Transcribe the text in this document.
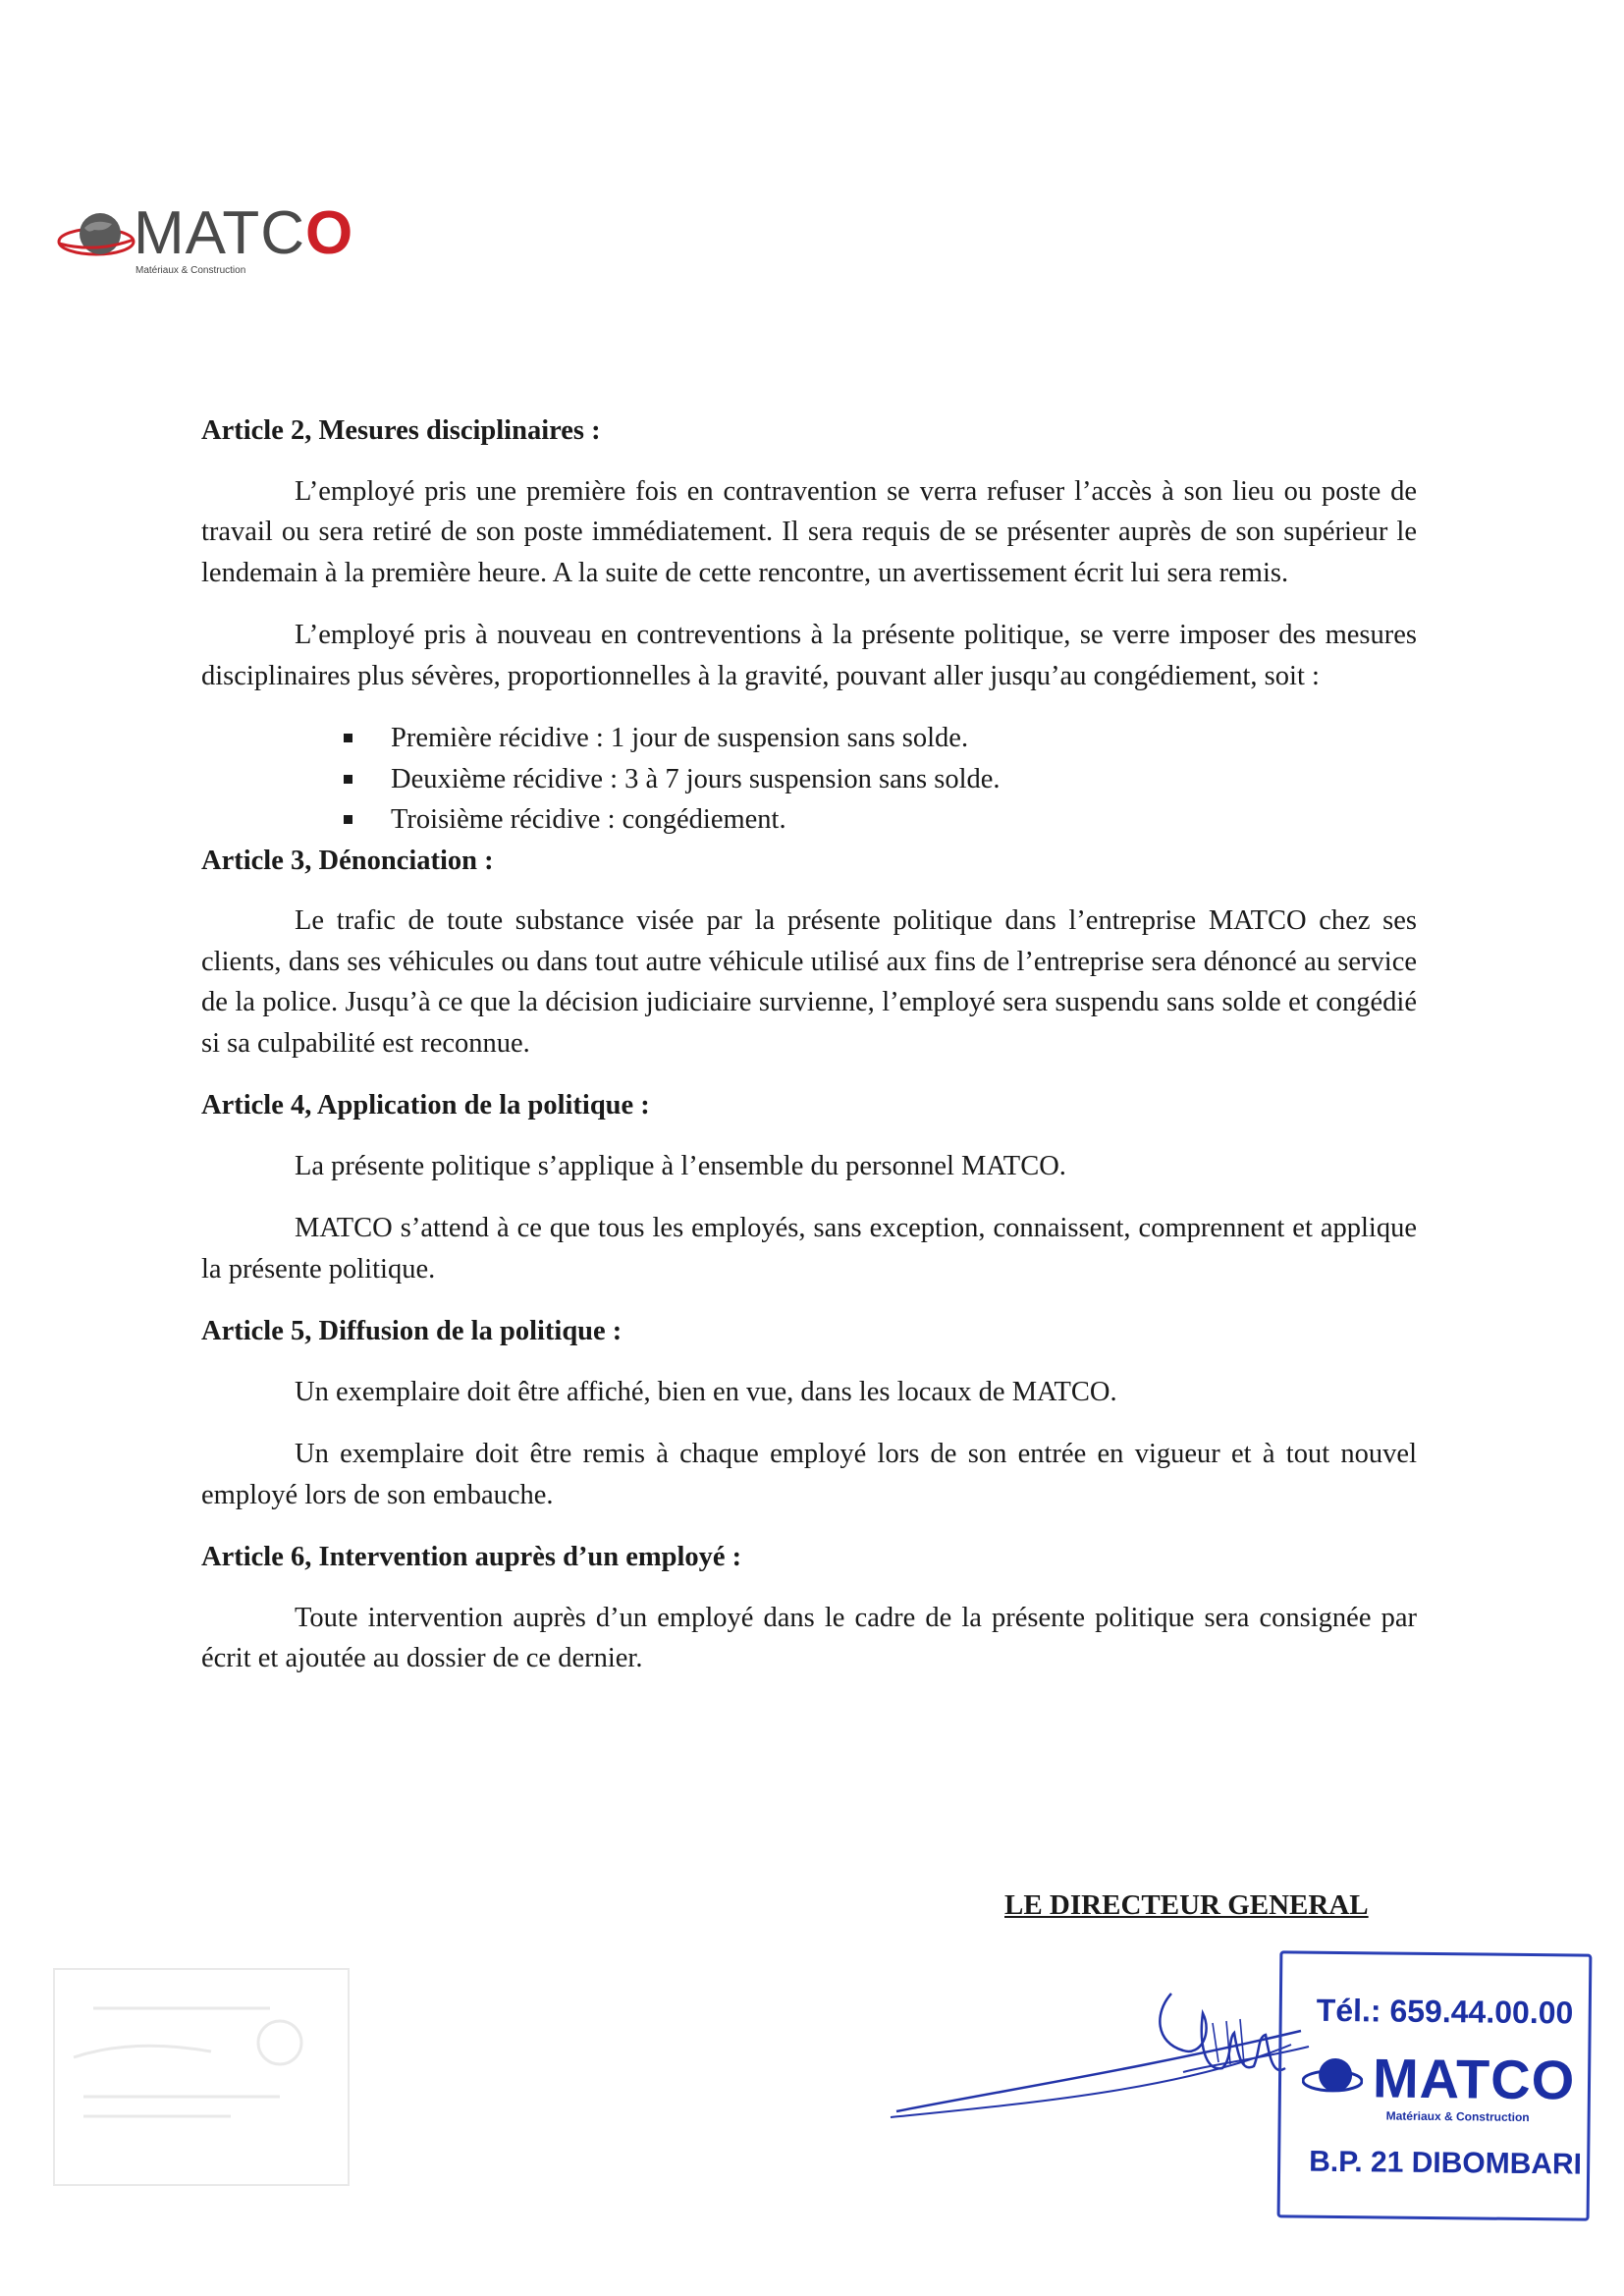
MATCO
Matériaux & Construction

Article 2, Mesures disciplinaires :

L’employé pris une première fois en contravention se verra refuser l’accès à son lieu ou poste de travail ou sera retiré de son poste immédiatement. Il sera requis de se présenter auprès de son supérieur le lendemain à la première heure. A la suite de cette rencontre, un avertissement écrit lui sera remis.

L’employé pris à nouveau en contreventions à la présente politique, se verre imposer des mesures disciplinaires plus sévères, proportionnelles à la gravité, pouvant aller jusqu’au congédiement, soit :

Première récidive : 1 jour de suspension sans solde.
Deuxième récidive : 3 à 7 jours suspension sans solde.
Troisième récidive : congédiement.

Article 3, Dénonciation :

Le trafic de toute substance visée par la présente politique dans l’entreprise MATCO chez ses clients, dans ses véhicules ou dans tout autre véhicule utilisé aux fins de l’entreprise sera dénoncé au service de la police. Jusqu’à ce que la décision judiciaire survienne, l’employé sera suspendu sans solde et congédié si sa culpabilité est reconnue.

Article 4, Application de la politique :

La présente politique s’applique à l’ensemble du personnel MATCO.

MATCO s’attend à ce que tous les employés, sans exception, connaissent, comprennent et applique la présente politique.

Article 5, Diffusion de la politique :

Un exemplaire doit être affiché, bien en vue, dans les locaux de MATCO.

Un exemplaire doit être remis à chaque employé lors de son entrée en vigueur et à tout nouvel employé lors de son embauche.

Article 6, Intervention auprès d’un employé :

Toute intervention auprès d’un employé dans le cadre de la présente politique sera consignée par écrit et ajoutée au dossier de ce dernier.

LE DIRECTEUR GENERAL
Tél.: 659.44.00.00
MATCO
Matériaux & Construction
B.P. 21 DIBOMBARI
